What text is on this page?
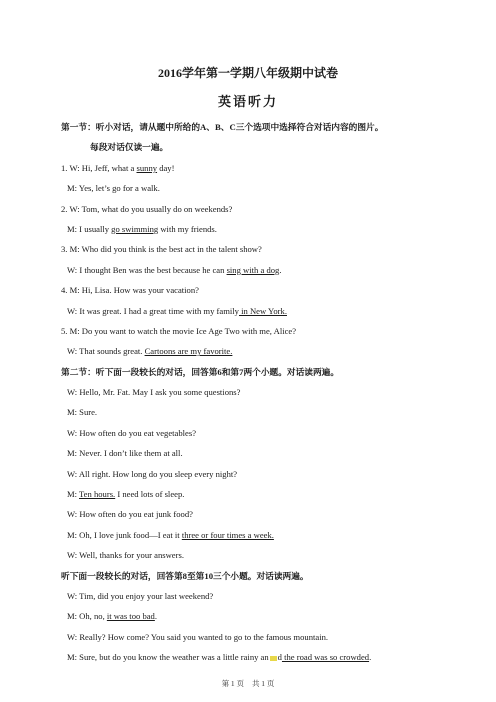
2016学年第一学期八年级期中试卷
英语听力
第一节：听小对话，请从题中所给的A、B、C三个选项中选择符合对话内容的图片。
每段对话仅读一遍。
1. W: Hi, Jeff, what a sunny day!
M: Yes, let’s go for a walk.
2. W: Tom, what do you usually do on weekends?
M: I usually go swimming with my friends.
3. M: Who did you think is the best act in the talent show?
W: I thought Ben was the best because he can sing with a dog.
4. M: Hi, Lisa. How was your vacation?
W: It was great. I had a great time with my family in New York.
5. M: Do you want to watch the movie Ice Age Two with me, Alice?
W: That sounds great. Cartoons are my favorite.
第二节：听下面一段较长的对话，回答第6和第7两个小题。对话读两遍。
W: Hello, Mr. Fat. May I ask you some questions?
M: Sure.
W: How often do you eat vegetables?
M: Never. I don’t like them at all.
W: All right. How long do you sleep every night?
M: Ten hours. I need lots of sleep.
W: How often do you eat junk food?
M: Oh, I love junk food—I eat it three or four times a week.
W: Well, thanks for your answers.
听下面一段较长的对话，回答第8至第10三个小题。对话读两遍。
W: Tim, did you enjoy your last weekend?
M: Oh, no, it was too bad.
W: Really? How come? You said you wanted to go to the famous mountain.
M: Sure, but do you know the weather was a little rainy an d the road was so crowded.
第 1 页 共 1 页
